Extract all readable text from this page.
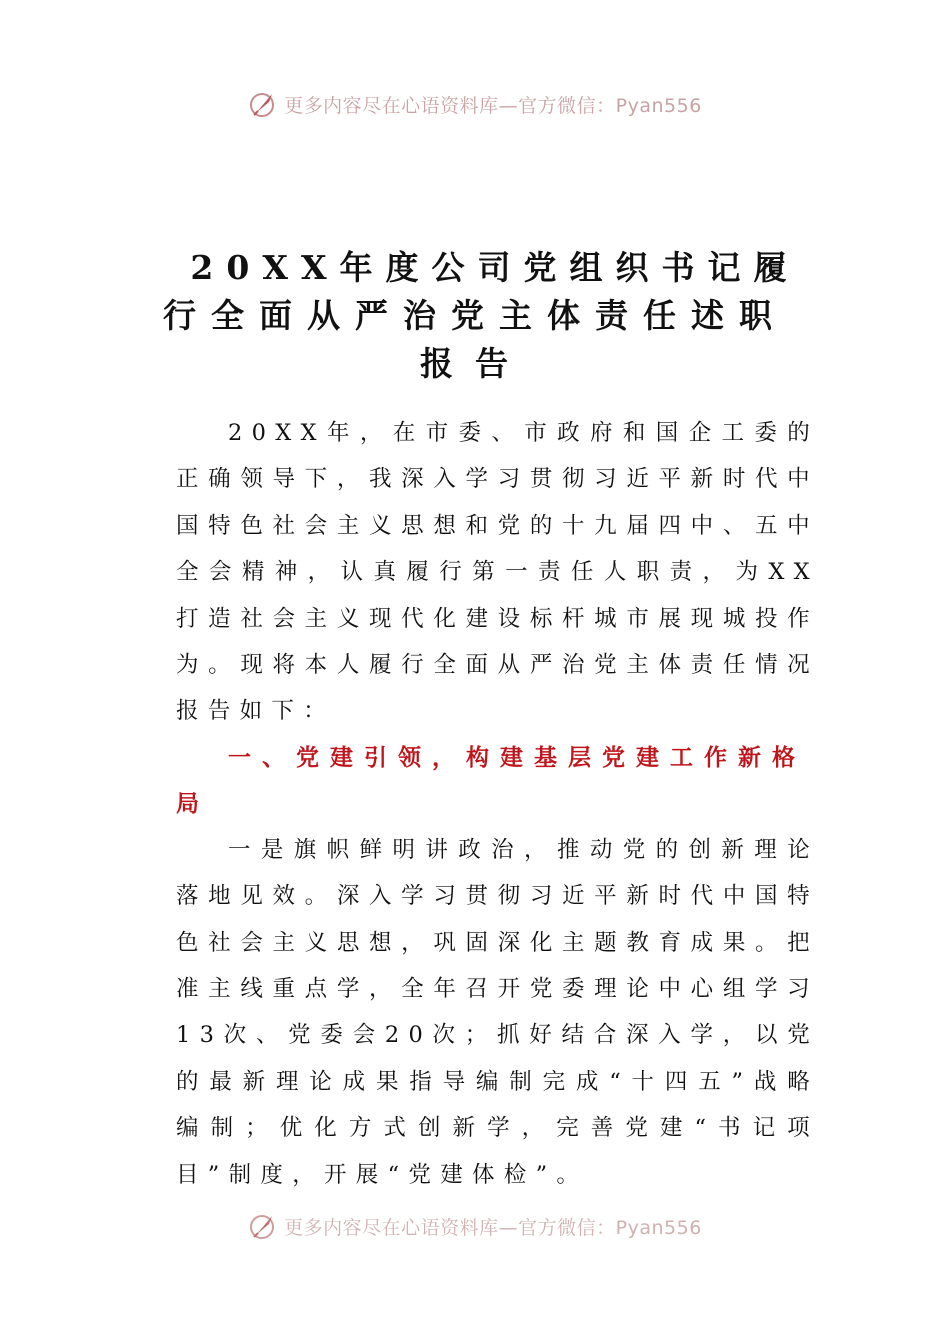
更多内容尽在心语资料库—官方微信：Pyan556
20XX年度公司党组织书记履
行全面从严治党主体责任述职
报告

20XX年，在市委、市政府和国企工委的正确领导下，我深入学习贯彻习近平新时代中国特色社会主义思想和党的十九届四中、五中全会精神，认真履行第一责任人职责，为XX打造社会主义现代化建设标杆城市展现城投作为。现将本人履行全面从严治党主体责任情况报告如下：

一、党建引领，构建基层党建工作新格局

一是旗帜鲜明讲政治，推动党的创新理论落地见效。深入学习贯彻习近平新时代中国特色社会主义思想，巩固深化主题教育成果。把准主线重点学，全年召开党委理论中心组学习13次、党委会20次；抓好结合深入学，以党的最新理论成果指导编制完成“十四五”战略编制；优化方式创新学，完善党建“书记项目”制度，开展“党建体检”。

更多内容尽在心语资料库—官方微信：Pyan556
